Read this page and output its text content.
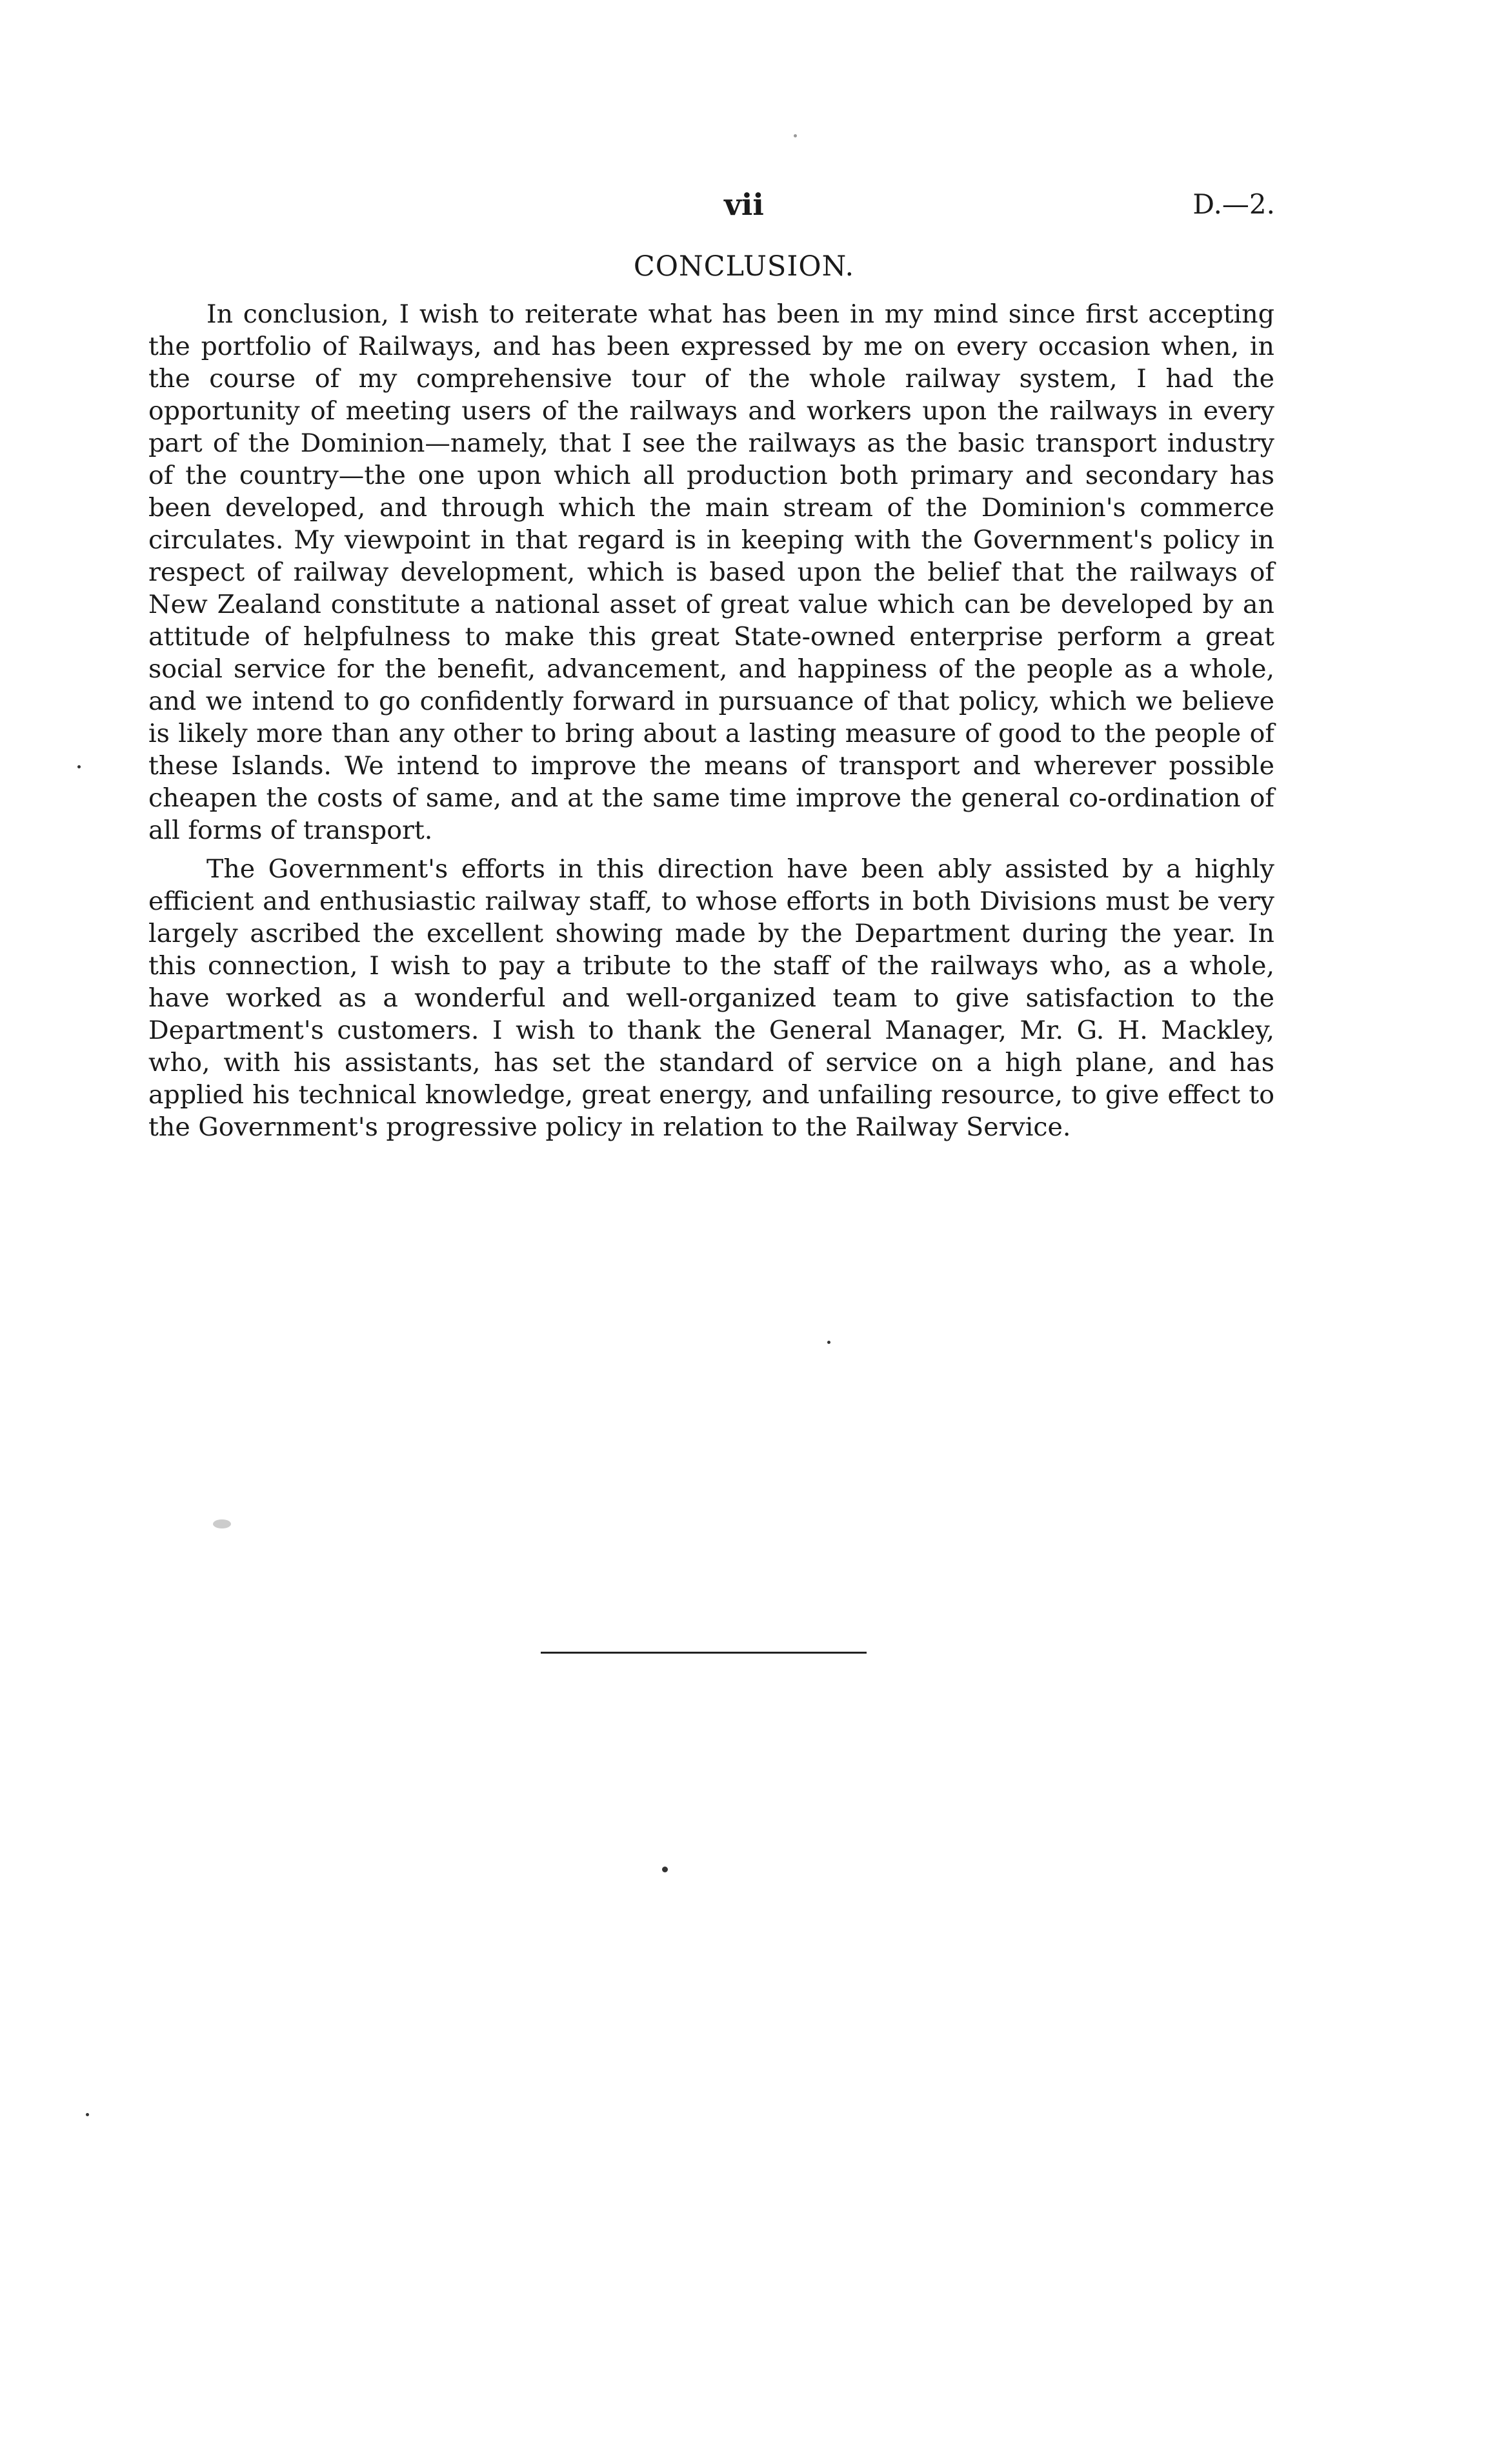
vii	D.—2.
CONCLUSION.

In conclusion, I wish to reiterate what has been in my mind since first accepting the portfolio of Railways, and has been expressed by me on every occasion when, in the course of my comprehensive tour of the whole railway system, I had the opportunity of meeting users of the railways and workers upon the railways in every part of the Dominion—namely, that I see the railways as the basic transport industry of the country—the one upon which all production both primary and secondary has been developed, and through which the main stream of the Dominion's commerce circulates. My viewpoint in that regard is in keeping with the Government's policy in respect of railway development, which is based upon the belief that the railways of New Zealand constitute a national asset of great value which can be developed by an attitude of helpfulness to make this great State-owned enterprise perform a great social service for the benefit, advancement, and happiness of the people as a whole, and we intend to go confidently forward in pursuance of that policy, which we believe is likely more than any other to bring about a lasting measure of good to the people of these Islands. We intend to improve the means of transport and wherever possible cheapen the costs of same, and at the same time improve the general co-ordination of all forms of transport.

The Government's efforts in this direction have been ably assisted by a highly efficient and enthusiastic railway staff, to whose efforts in both Divisions must be very largely ascribed the excellent showing made by the Department during the year. In this connection, I wish to pay a tribute to the staff of the railways who, as a whole, have worked as a wonderful and well-organized team to give satisfaction to the Department's customers. I wish to thank the General Manager, Mr. G. H. Mackley, who, with his assistants, has set the standard of service on a high plane, and has applied his technical knowledge, great energy, and unfailing resource, to give effect to the Government's progressive policy in relation to the Railway Service.
